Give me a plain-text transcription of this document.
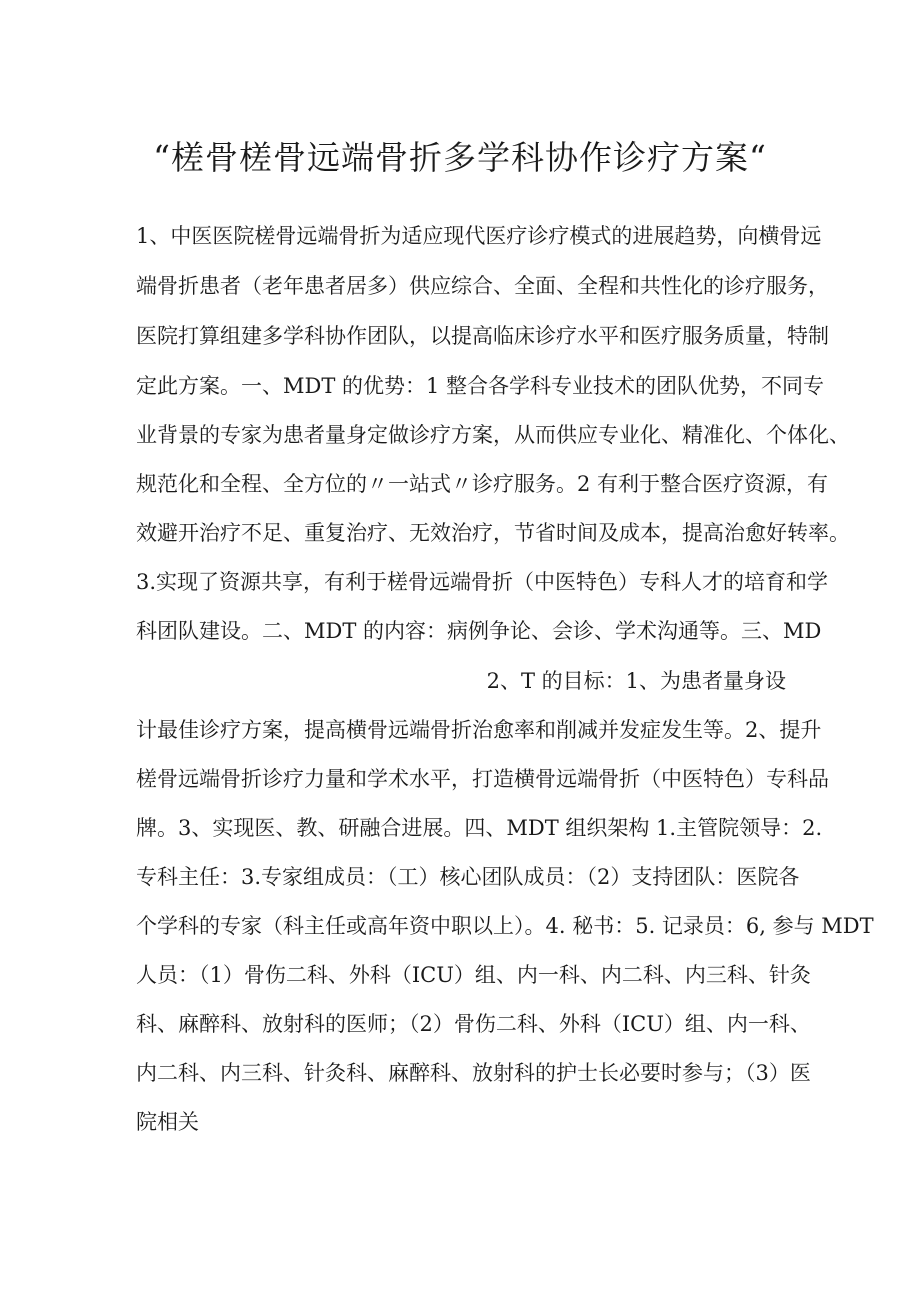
“槎骨槎骨远端骨折多学科协作诊疗方案“

1、中医医院槎骨远端骨折为适应现代医疗诊疗模式的进展趋势，向横骨远

端骨折患者（老年患者居多）供应综合、全面、全程和共性化的诊疗服务，

医院打算组建多学科协作团队，以提高临床诊疗水平和医疗服务质量，特制

定此方案。一、MDT 的优势：1 整合各学科专业技术的团队优势，不同专

业背景的专家为患者量身定做诊疗方案，从而供应专业化、精准化、个体化、

规范化和全程、全方位的〃一站式〃诊疗服务。2 有利于整合医疗资源，有

效避开治疗不足、重复治疗、无效治疗，节省时间及成本，提高治愈好转率。

3.实现了资源共享，有利于槎骨远端骨折（中医特色）专科人才的培育和学

科团队建设。二、MDT 的内容：病例争论、会诊、学术沟通等。三、MD

2、T 的目标：1、为患者量身设

计最佳诊疗方案，提高横骨远端骨折治愈率和削减并发症发生等。2、提升

槎骨远端骨折诊疗力量和学术水平，打造横骨远端骨折（中医特色）专科品

牌。3、实现医、教、研融合进展。四、MDT 组织架构 1.主管院领导：2.

专科主任：3.专家组成员：（工）核心团队成员：（2）支持团队：医院各

个学科的专家（科主任或高年资中职以上）。4. 秘书：5. 记录员：6, 参与 MDT

人员：（1）骨伤二科、外科（ICU）组、内一科、内二科、内三科、针灸

科、麻醉科、放射科的医师；（2）骨伤二科、外科（ICU）组、内一科、

内二科、内三科、针灸科、麻醉科、放射科的护士长必要时参与；（3）医

院相关
